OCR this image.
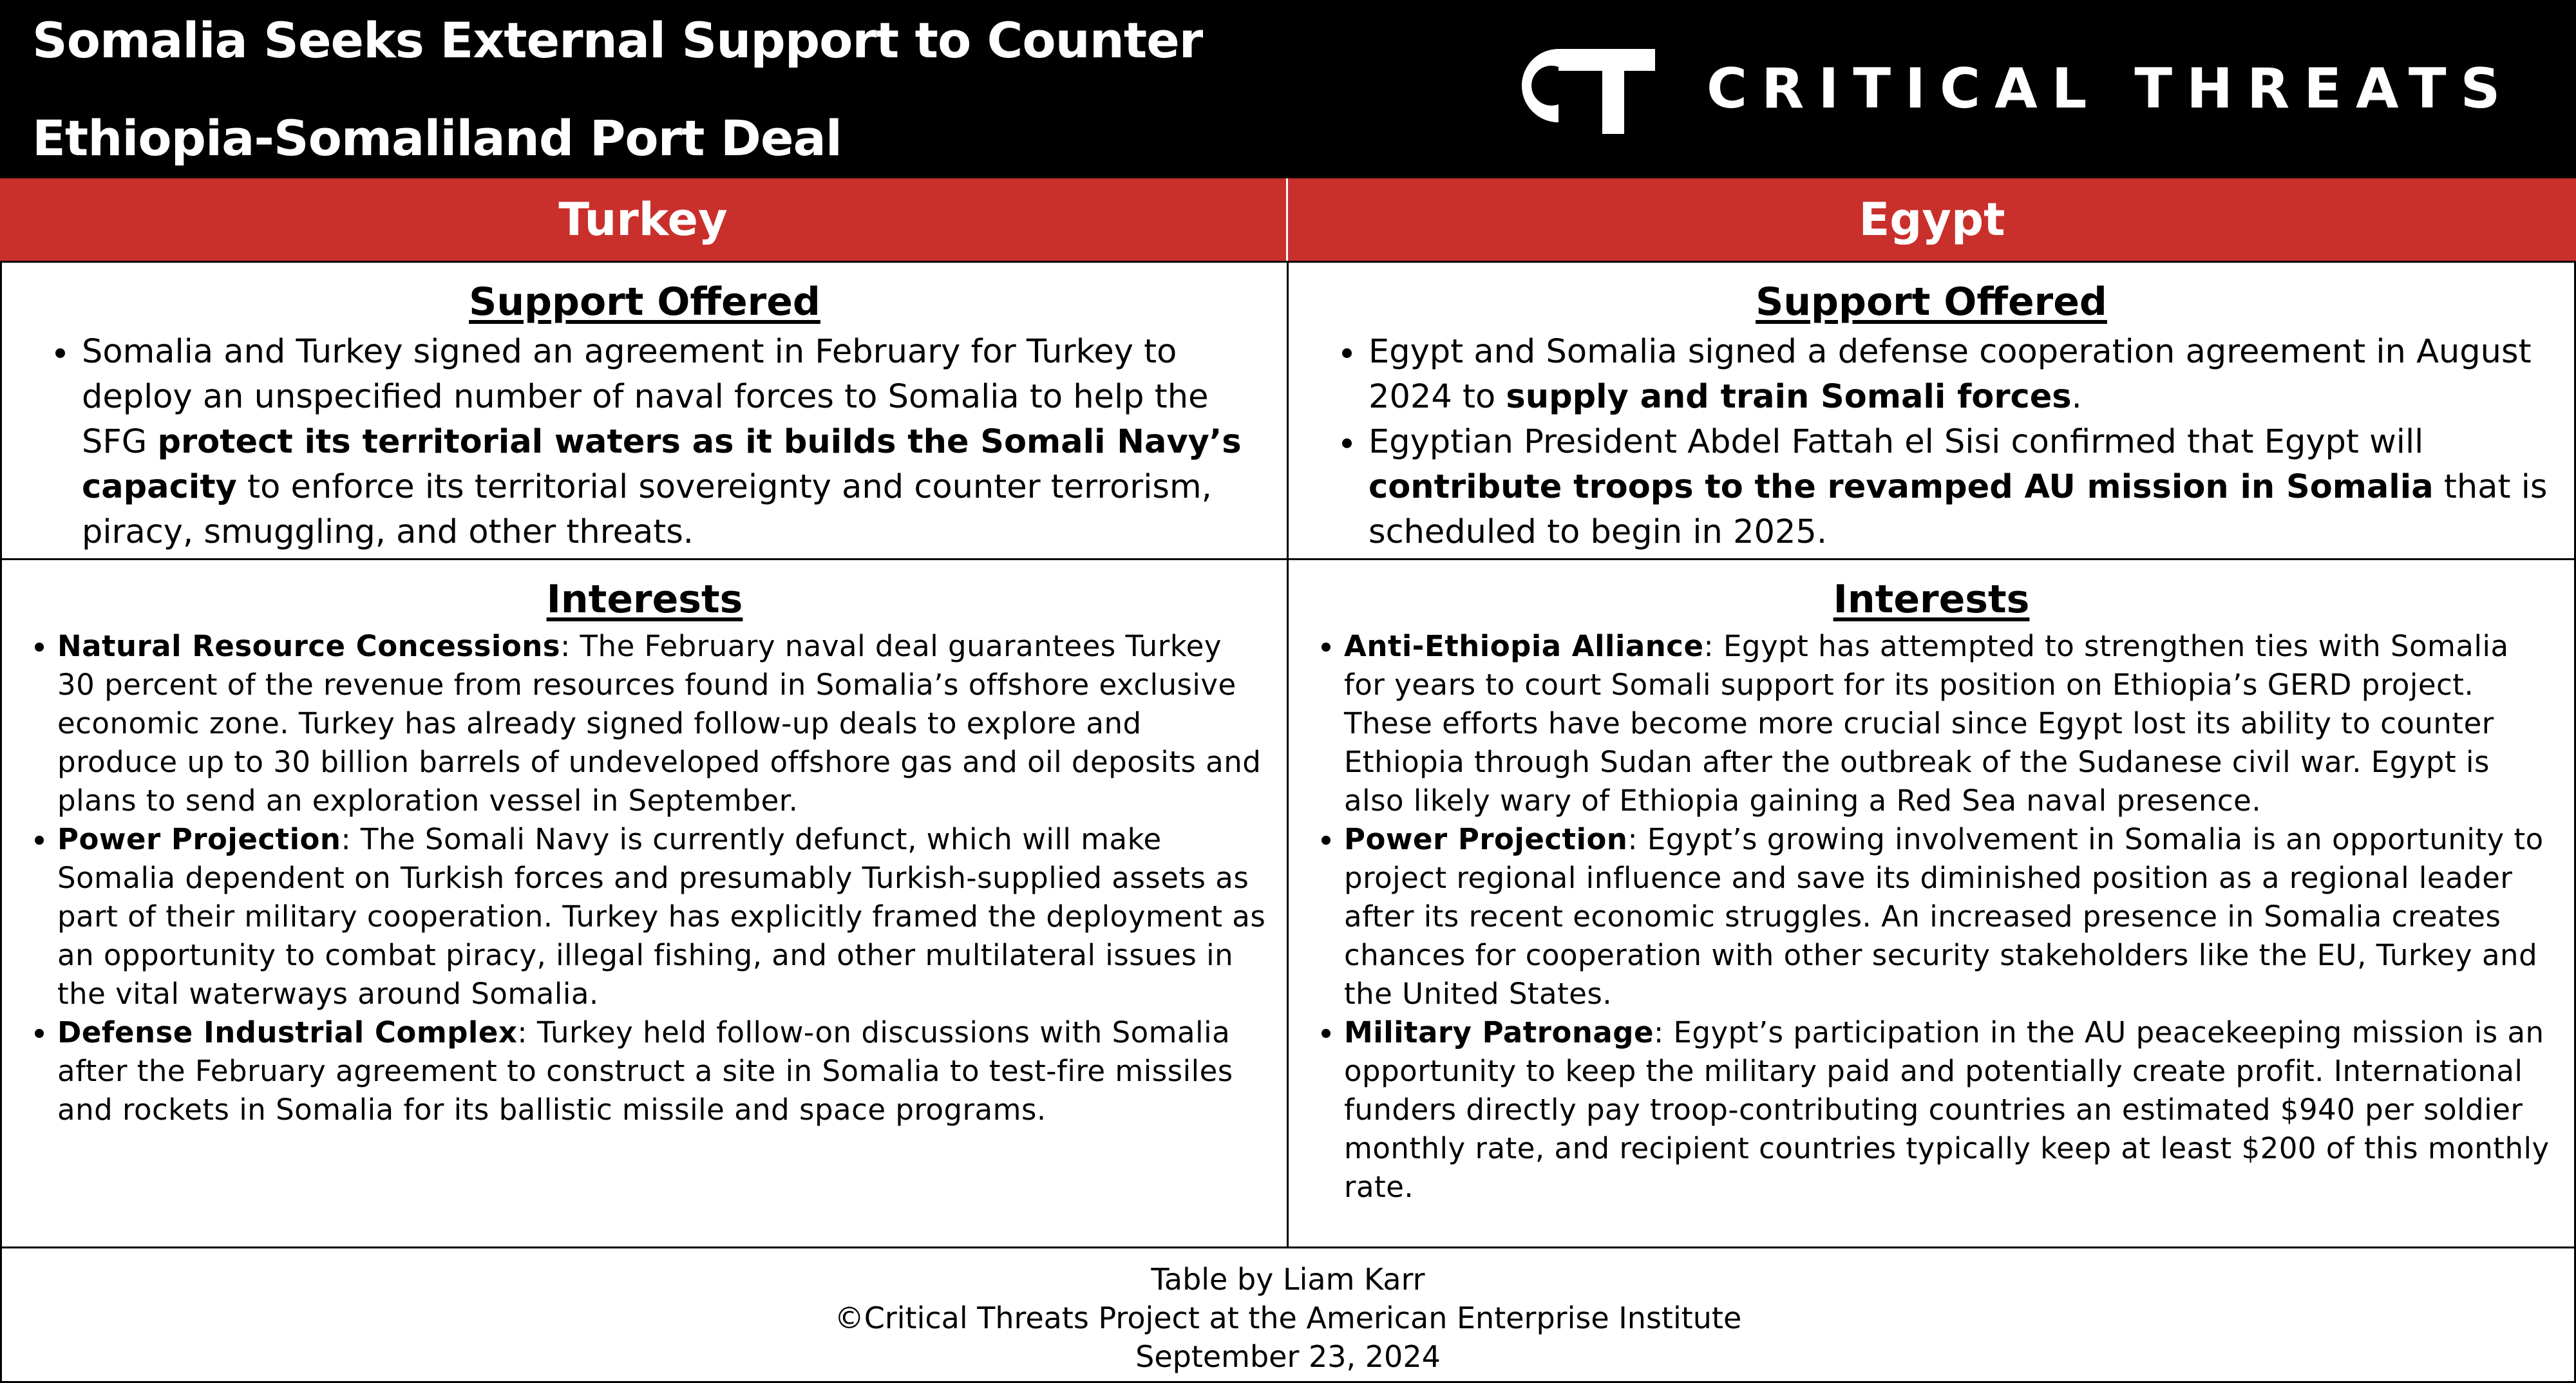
Somalia Seeks External Support to Counter
Ethiopia-Somaliland Port Deal
CRITICAL THREATS
Turkey	Egypt
Support Offered
• Somalia and Turkey signed an agreement in February for Turkey to deploy an unspecified number of naval forces to Somalia to help the SFG protect its territorial waters as it builds the Somali Navy’s capacity to enforce its territorial sovereignty and counter terrorism, piracy, smuggling, and other threats.
Support Offered
• Egypt and Somalia signed a defense cooperation agreement in August 2024 to supply and train Somali forces.
• Egyptian President Abdel Fattah el Sisi confirmed that Egypt will contribute troops to the revamped AU mission in Somalia that is scheduled to begin in 2025.
Interests
• Natural Resource Concessions: The February naval deal guarantees Turkey 30 percent of the revenue from resources found in Somalia’s offshore exclusive economic zone. Turkey has already signed follow-up deals to explore and produce up to 30 billion barrels of undeveloped offshore gas and oil deposits and plans to send an exploration vessel in September.
• Power Projection: The Somali Navy is currently defunct, which will make Somalia dependent on Turkish forces and presumably Turkish-supplied assets as part of their military cooperation. Turkey has explicitly framed the deployment as an opportunity to combat piracy, illegal fishing, and other multilateral issues in the vital waterways around Somalia.
• Defense Industrial Complex: Turkey held follow-on discussions with Somalia after the February agreement to construct a site in Somalia to test-fire missiles and rockets in Somalia for its ballistic missile and space programs.
Interests
• Anti-Ethiopia Alliance: Egypt has attempted to strengthen ties with Somalia for years to court Somali support for its position on Ethiopia’s GERD project. These efforts have become more crucial since Egypt lost its ability to counter Ethiopia through Sudan after the outbreak of the Sudanese civil war. Egypt is also likely wary of Ethiopia gaining a Red Sea naval presence.
• Power Projection: Egypt’s growing involvement in Somalia is an opportunity to project regional influence and save its diminished position as a regional leader after its recent economic struggles. An increased presence in Somalia creates chances for cooperation with other security stakeholders like the EU, Turkey and the United States.
• Military Patronage: Egypt’s participation in the AU peacekeeping mission is an opportunity to keep the military paid and potentially create profit. International funders directly pay troop-contributing countries an estimated $940 per soldier monthly rate, and recipient countries typically keep at least $200 of this monthly rate.
Table by Liam Karr
©Critical Threats Project at the American Enterprise Institute
September 23, 2024
